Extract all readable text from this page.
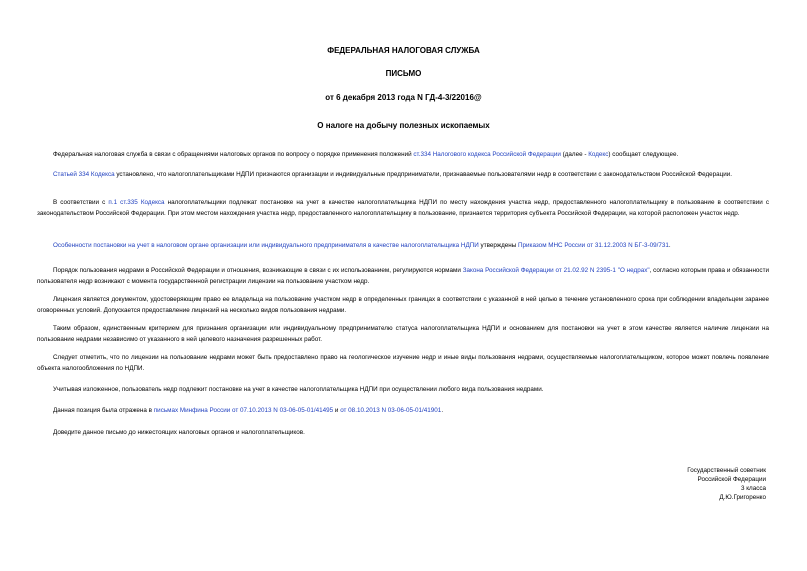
ФЕДЕРАЛЬНАЯ НАЛОГОВАЯ СЛУЖБА
ПИСЬМО
от 6 декабря 2013 года N ГД-4-3/22016@
О налоге на добычу полезных ископаемых
Федеральная налоговая служба в связи с обращениями налоговых органов по вопросу о порядке применения положений ст.334 Налогового кодекса Российской Федерации (далее - Кодекс) сообщает следующее.
Статьей 334 Кодекса установлено, что налогоплательщиками НДПИ признаются организации и индивидуальные предприниматели, признаваемые пользователями недр в соответствии с законодательством Российской Федерации.
В соответствии с п.1 ст.335 Кодекса налогоплательщики подлежат постановке на учет в качестве налогоплательщика НДПИ по месту нахождения участка недр, предоставленного налогоплательщику в пользование в соответствии с законодательством Российской Федерации. При этом местом нахождения участка недр, предоставленного налогоплательщику в пользование, признается территория субъекта Российской Федерации, на которой расположен участок недр.
Особенности постановки на учет в налоговом органе организации или индивидуального предпринимателя в качестве налогоплательщика НДПИ утверждены Приказом МНС России от 31.12.2003 N БГ-3-09/731.
Порядок пользования недрами в Российской Федерации и отношения, возникающие в связи с их использованием, регулируются нормами Закона Российской Федерации от 21.02.92 N 2395-1 "О недрах", согласно которым права и обязанности пользователя недр возникают с момента государственной регистрации лицензии на пользование участком недр.
Лицензия является документом, удостоверяющим право ее владельца на пользование участком недр в определенных границах в соответствии с указанной в ней целью в течение установленного срока при соблюдении владельцем заранее оговоренных условий. Допускается предоставление лицензий на несколько видов пользования недрами.
Таким образом, единственным критерием для признания организации или индивидуальному предпринимателю статуса налогоплательщика НДПИ и основанием для постановки на учет в этом качестве является наличие лицензии на пользование недрами независимо от указанного в ней целевого назначения разрешенных работ.
Следует отметить, что по лицензии на пользование недрами может быть предоставлено право на геологическое изучение недр и иные виды пользования недрами, осуществляемые налогоплательщиком, которое может повлечь появление объекта налогообложения по НДПИ.
Учитывая изложенное, пользователь недр подлежит постановке на учет в качестве налогоплательщика НДПИ при осуществлении любого вида пользования недрами.
Данная позиция была отражена в письмах Минфина России от 07.10.2013 N 03-06-05-01/41495 и от 08.10.2013 N 03-06-05-01/41901.
Доведите данное письмо до нижестоящих налоговых органов и налогоплательщиков.
Государственный советник
Российской Федерации
3 класса
Д.Ю.Григоренко
